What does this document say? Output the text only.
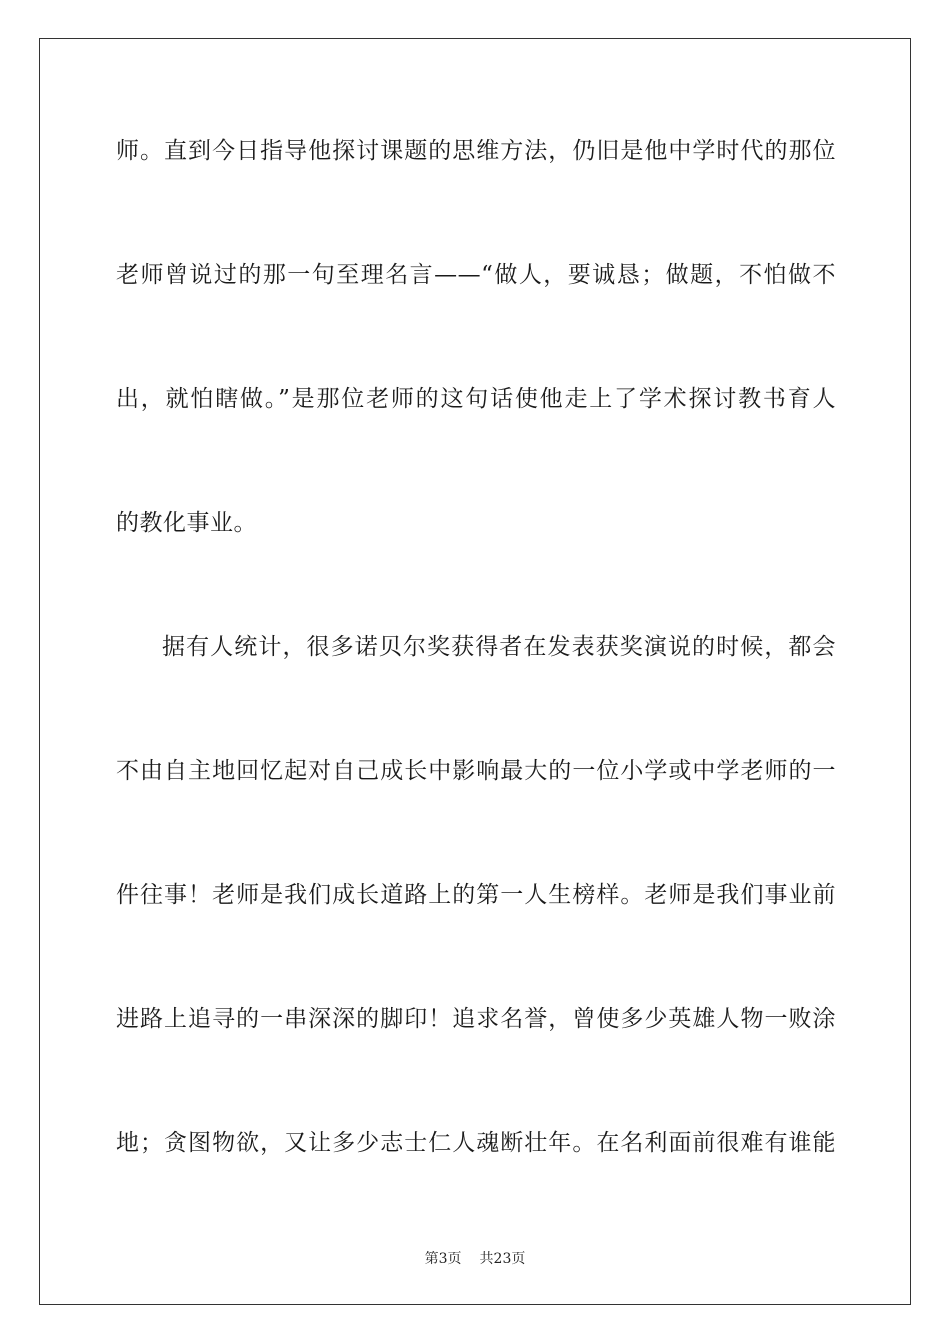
师。直到今日指导他探讨课题的思维方法，仍旧是他中学时代的那位
老师曾说过的那一句至理名言——“做人，要诚恳；做题，不怕做不
出，就怕瞎做。”是那位老师的这句话使他走上了学术探讨教书育人
的教化事业。
据有人统计，很多诺贝尔奖获得者在发表获奖演说的时候，都会
不由自主地回忆起对自己成长中影响最大的一位小学或中学老师的一
件往事！老师是我们成长道路上的第一人生榜样。老师是我们事业前
进路上追寻的一串深深的脚印！追求名誉，曾使多少英雄人物一败涂
地；贪图物欲，又让多少志士仁人魂断壮年。在名利面前很难有谁能
第3页 共23页
